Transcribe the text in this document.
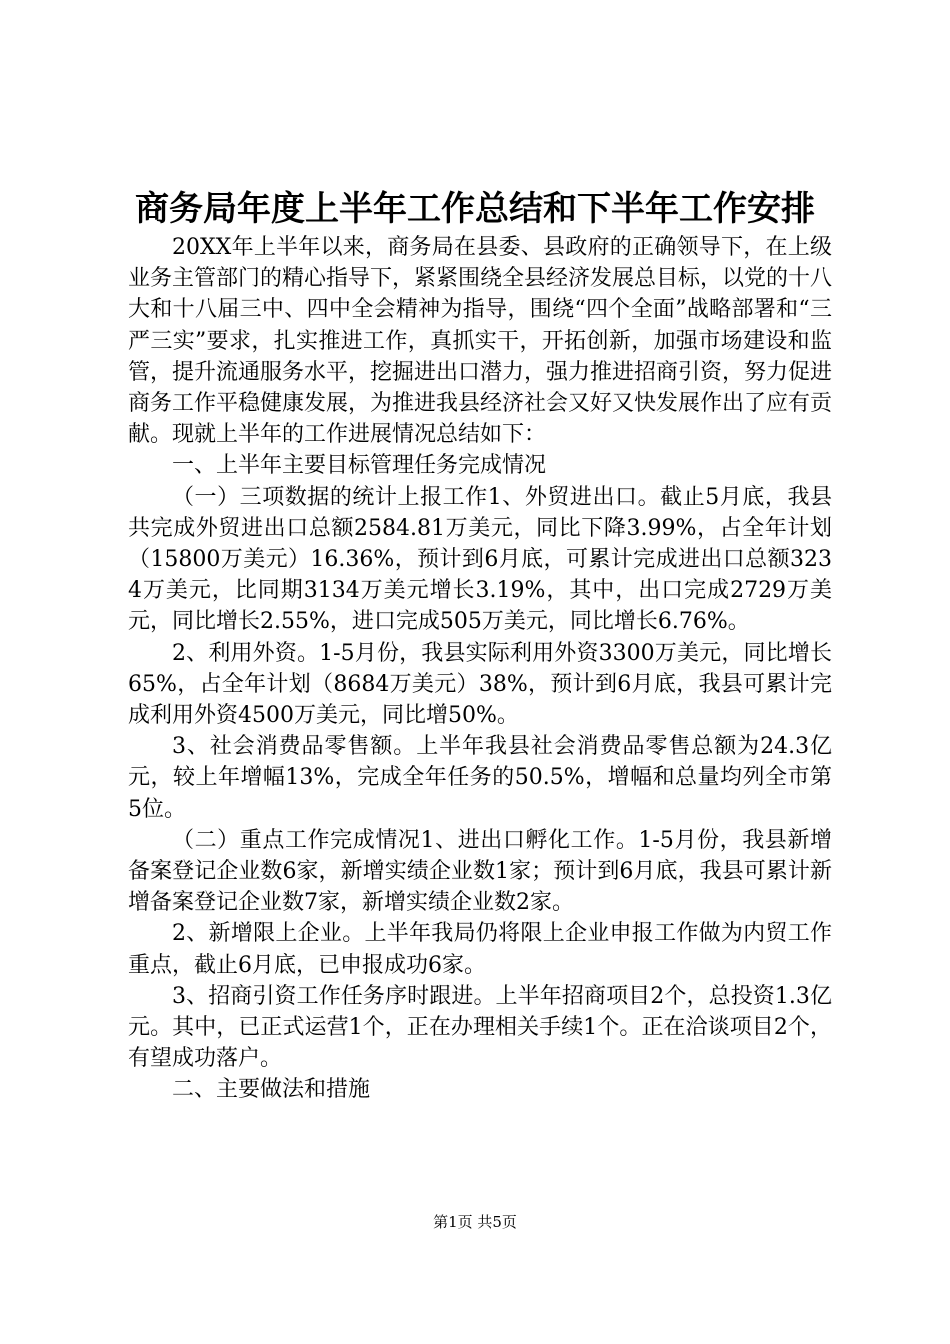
商务局年度上半年工作总结和下半年工作安排

20XX年上半年以来，商务局在县委、县政府的正确领导下，在上级业务主管部门的精心指导下，紧紧围绕全县经济发展总目标，以党的十八大和十八届三中、四中全会精神为指导，围绕“四个全面”战略部署和“三严三实”要求，扎实推进工作，真抓实干，开拓创新，加强市场建设和监管，提升流通服务水平，挖掘进出口潜力，强力推进招商引资，努力促进商务工作平稳健康发展，为推进我县经济社会又好又快发展作出了应有贡献。现就上半年的工作进展情况总结如下：

一、上半年主要目标管理任务完成情况

（一）三项数据的统计上报工作1、外贸进出口。截止5月底，我县共完成外贸进出口总额2584.81万美元，同比下降3.99%，占全年计划（15800万美元）16.36%，预计到6月底，可累计完成进出口总额3234万美元，比同期3134万美元增长3.19%，其中，出口完成2729万美元，同比增长2.55%，进口完成505万美元，同比增长6.76%。

2、利用外资。1-5月份，我县实际利用外资3300万美元，同比增长65%，占全年计划（8684万美元）38%，预计到6月底，我县可累计完成利用外资4500万美元，同比增50%。

3、社会消费品零售额。上半年我县社会消费品零售总额为24.3亿元，较上年增幅13%，完成全年任务的50.5%，增幅和总量均列全市第5位。

（二）重点工作完成情况1、进出口孵化工作。1-5月份，我县新增备案登记企业数6家，新增实绩企业数1家；预计到6月底，我县可累计新增备案登记企业数7家，新增实绩企业数2家。

2、新增限上企业。上半年我局仍将限上企业申报工作做为内贸工作重点，截止6月底，已申报成功6家。

3、招商引资工作任务序时跟进。上半年招商项目2个，总投资1.3亿元。其中，已正式运营1个，正在办理相关手续1个。正在洽谈项目2个，有望成功落户。

二、主要做法和措施

第1页 共5页
